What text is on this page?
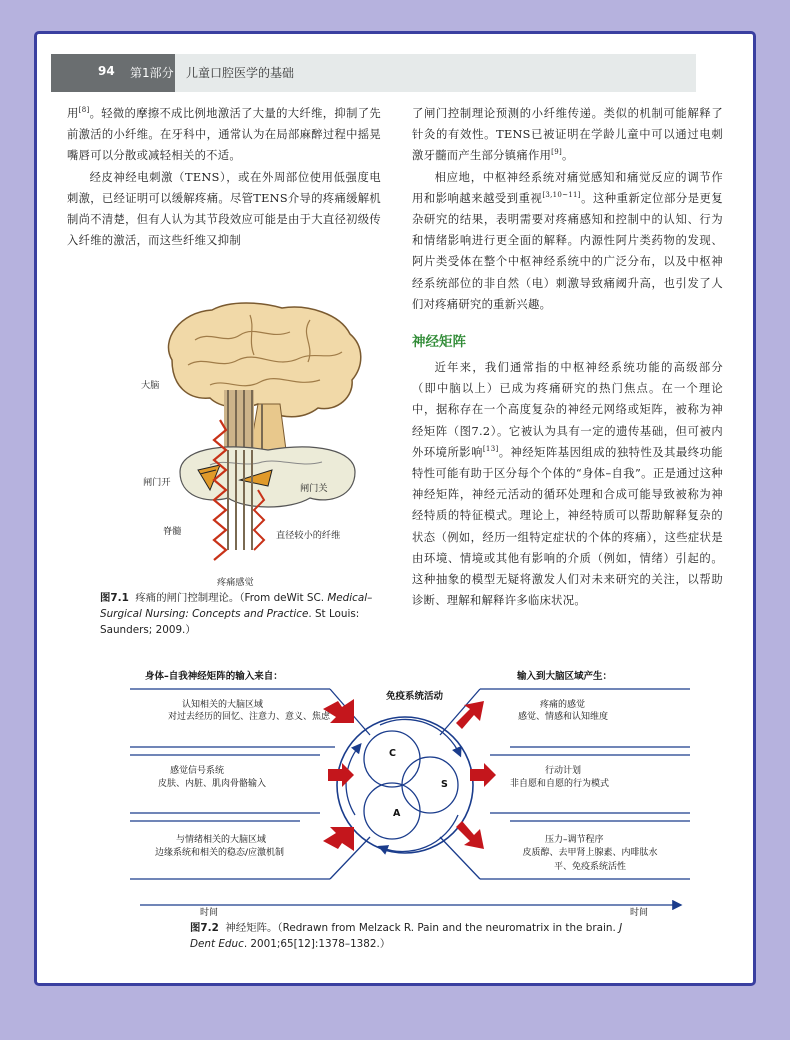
94 第1部分 儿童口腔医学的基础

用[8]。轻微的摩擦不成比例地激活了大量的大纤维，抑制了先前激活的小纤维。在牙科中，通常认为在局部麻醉过程中摇晃嘴唇可以分散或减轻相关的不适。

经皮神经电刺激（TENS），或在外周部位使用低强度电刺激，已经证明可以缓解疼痛。尽管TENS介导的疼痛缓解机制尚不清楚，但有人认为其节段效应可能是由于大直径初级传入纤维的激活，而这些纤维又抑制

了闸门控制理论预测的小纤维传递。类似的机制可能解释了针灸的有效性。TENS已被证明在学龄儿童中可以通过电刺激牙髓而产生部分镇痛作用[9]。

相应地，中枢神经系统对痛觉感知和痛觉反应的调节作用和影响越来越受到重视[3,10~11]。这种重新定位部分是更复杂研究的结果，表明需要对疼痛感知和控制中的认知、行为和情绪影响进行更全面的解释。内源性阿片类药物的发现、阿片类受体在整个中枢神经系统中的广泛分布，以及中枢神经系统部位的非自然（电）刺激导致痛阈升高，也引发了人们对疼痛研究的重新兴趣。

神经矩阵

近年来，我们通常指的中枢神经系统功能的高级部分（即中脑以上）已成为疼痛研究的热门焦点。在一个理论中，据称存在一个高度复杂的神经元网络或矩阵，被称为神经矩阵（图7.2）。它被认为具有一定的遗传基础，但可被内外环境所影响[13]。神经矩阵基因组成的独特性及其最终功能特性可能有助于区分每个个体的“身体–自我”。正是通过这种神经矩阵，神经元活动的循环处理和合成可能导致被称为神经特质的特征模式。理论上，神经特质可以帮助解释复杂的状态（例如，经历一组特定症状的个体的疼痛），这些症状是由环境、情境或其他有影响的介质（例如，情绪）引起的。这种抽象的模型无疑将激发人们对未来研究的关注，以帮助诊断、理解和解释许多临床状况。

大脑
闸门开
闸门关
脊髓	直径较小的纤维
疼痛感觉
图7.1 疼痛的闸门控制理论。（From deWit SC. Medical–Surgical Nursing: Concepts and Practice. St Louis: Saunders; 2009.）
身体–自我神经矩阵的输入来自：	输入到大脑区域产生：
免疫系统活动
C
S
A
认知相关的大脑区域
对过去经历的回忆、注意力、意义、焦虑
感觉信号系统
皮肤、内脏、肌肉骨骼输入
与情绪相关的大脑区域
边缘系统和相关的稳态/应激机制
疼痛的感觉
感觉、情感和认知维度
行动计划
非自愿和自愿的行为模式
压力–调节程序
皮质醇、去甲肾上腺素、内啡肽水平、免疫系统活性
时间	时间
图7.2 神经矩阵。（Redrawn from Melzack R. Pain and the neuromatrix in the brain. J Dent Educ. 2001;65[12]:1378–1382.）
